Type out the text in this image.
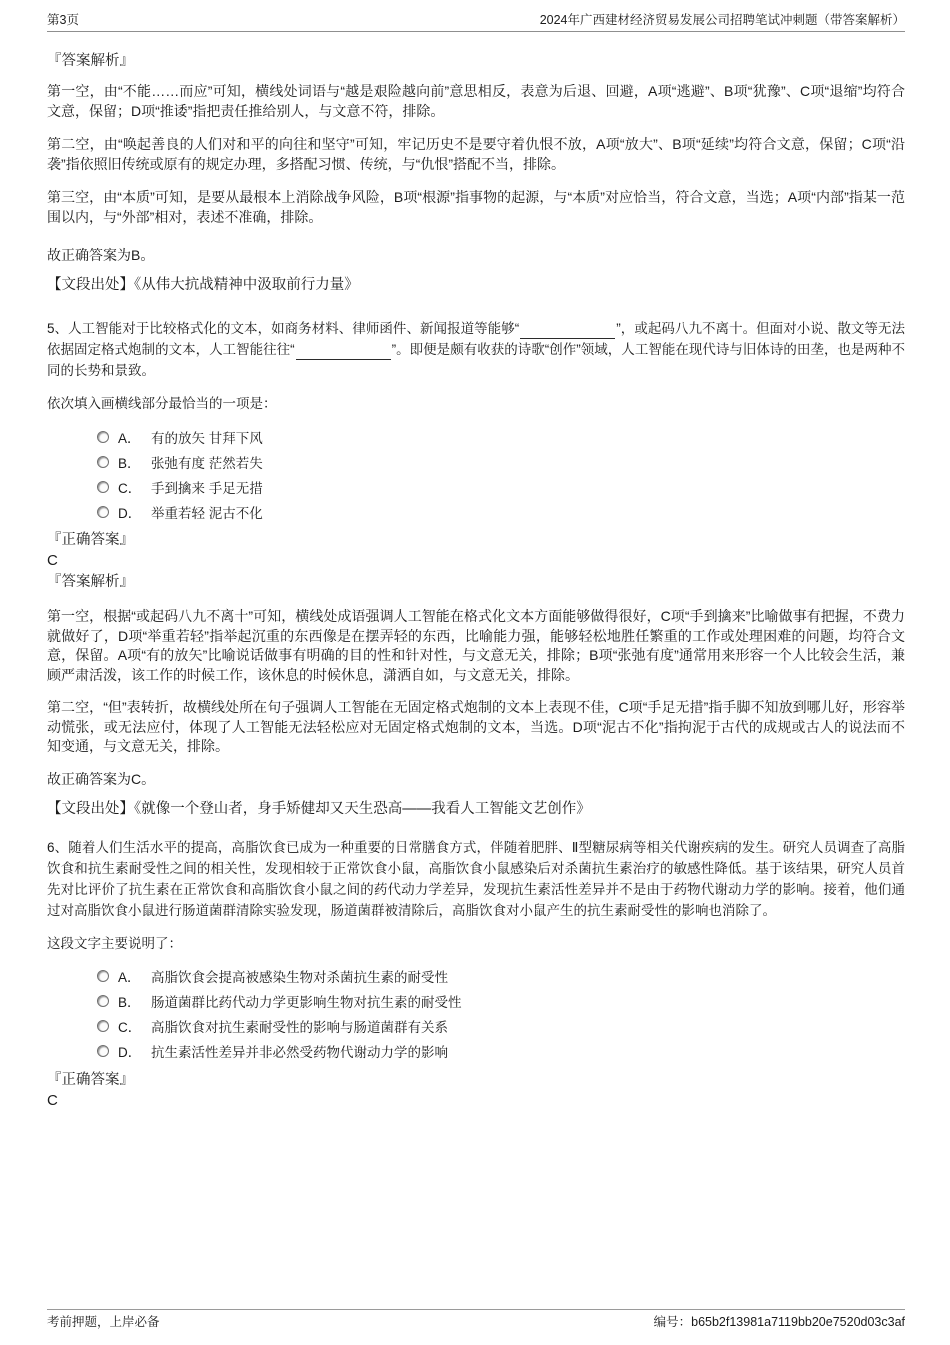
第3页	2024年广西建材经济贸易发展公司招聘笔试冲刺题（带答案解析）
『答案解析』

第一空，由“不能……而应”可知，横线处词语与“越是艰险越向前”意思相反，表意为后退、回避，A项“逃避”、B项“犹豫”、C项“退缩”均符合文意，保留；D项“推诿”指把责任推给别人，与文意不符，排除。

第二空，由“唤起善良的人们对和平的向往和坚守”可知，牢记历史不是要守着仇恨不放，A项“放大”、B项“延续”均符合文意，保留；C项“沿袭”指依照旧传统或原有的规定办理，多搭配习惯、传统，与“仇恨”搭配不当，排除。

第三空，由“本质”可知，是要从最根本上消除战争风险，B项“根源”指事物的起源，与“本质”对应恰当，符合文意，当选；A项“内部”指某一范围以内，与“外部”相对，表述不准确，排除。

故正确答案为B。

【文段出处】《从伟大抗战精神中汲取前行力量》

5、人工智能对于比较格式化的文本，如商务材料、律师函件、新闻报道等能够“	”，或起码八九不离十。但面对小说、散文等无法依据固定格式炮制的文本，人工智能往往“	”。即便是颇有收获的诗歌“创作”领域，人工智能在现代诗与旧体诗的田垄，也是两种不同的长势和景致。

依次填入画横线部分最恰当的一项是：

A． 有的放矢 甘拜下风
B． 张弛有度 茫然若失
C． 手到擒来 手足无措
D． 举重若轻 泥古不化
『正确答案』

C

『答案解析』

第一空，根据“或起码八九不离十”可知，横线处成语强调人工智能在格式化文本方面能够做得很好，C项“手到擒来”比喻做事有把握，不费力就做好了，D项“举重若轻”指举起沉重的东西像是在摆弄轻的东西，比喻能力强，能够轻松地胜任繁重的工作或处理困难的问题，均符合文意，保留。A项“有的放矢”比喻说话做事有明确的目的性和针对性，与文意无关，排除；B项“张弛有度”通常用来形容一个人比较会生活，兼顾严肃活泼，该工作的时候工作，该休息的时候休息，潇洒自如，与文意无关，排除。

第二空，“但”表转折，故横线处所在句子强调人工智能在无固定格式炮制的文本上表现不佳，C项“手足无措”指手脚不知放到哪儿好，形容举动慌张，或无法应付，体现了人工智能无法轻松应对无固定格式炮制的文本，当选。D项“泥古不化”指拘泥于古代的成规或古人的说法而不知变通，与文意无关，排除。

故正确答案为C。

【文段出处】《就像一个登山者，身手矫健却又天生恐高——我看人工智能文艺创作》

6、随着人们生活水平的提高，高脂饮食已成为一种重要的日常膳食方式，伴随着肥胖、Ⅱ型糖尿病等相关代谢疾病的发生。研究人员调查了高脂饮食和抗生素耐受性之间的相关性，发现相较于正常饮食小鼠，高脂饮食小鼠感染后对杀菌抗生素治疗的敏感性降低。基于该结果，研究人员首先对比评价了抗生素在正常饮食和高脂饮食小鼠之间的药代动力学差异，发现抗生素活性差异并不是由于药物代谢动力学的影响。接着，他们通过对高脂饮食小鼠进行肠道菌群清除实验发现，肠道菌群被清除后，高脂饮食对小鼠产生的抗生素耐受性的影响也消除了。

这段文字主要说明了：

A． 高脂饮食会提高被感染生物对杀菌抗生素的耐受性
B． 肠道菌群比药代动力学更影响生物对抗生素的耐受性
C． 高脂饮食对抗生素耐受性的影响与肠道菌群有关系
D． 抗生素活性差异并非必然受药物代谢动力学的影响
『正确答案』

C

考前押题，上岸必备	编号：b65b2f13981a7119bb20e7520d03c3af
